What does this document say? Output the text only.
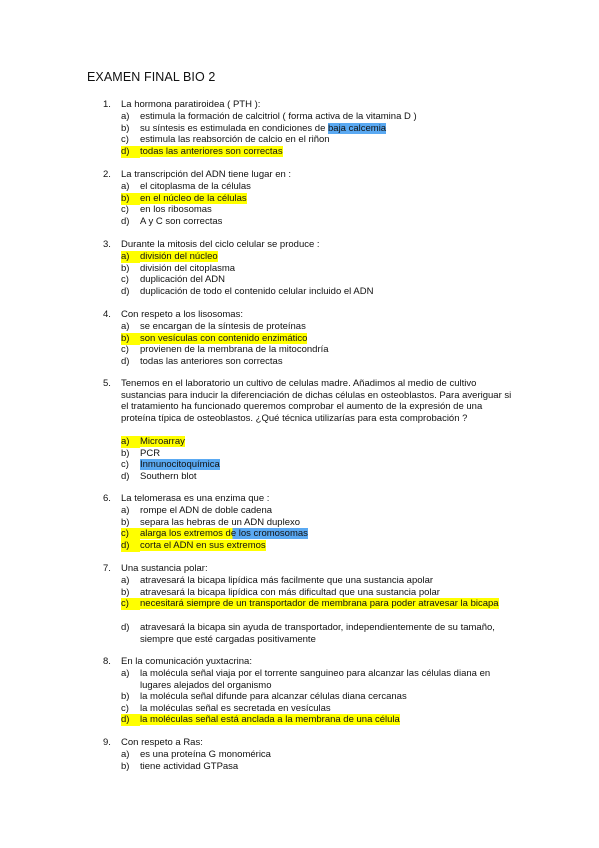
EXAMEN FINAL BIO 2
1. La hormona paratiroidea ( PTH ):
a)	estimula la formación de calcitriol ( forma activa de la vitamina D )
b)	su síntesis es estimulada en condiciones de baja calcemia
c)	estimula las reabsorción de calcio en el riñon
d)	todas las anteriores son correctas
2. La transcripción del ADN tiene lugar en :
a)	el citoplasma de la células
b)	en el núcleo de la células
c)	en los ribosomas
d)	A y C son correctas
3. Durante la mitosis del ciclo celular se produce :
a)	división del núcleo
b)	división del citoplasma
c)	duplicación del ADN
d)	duplicación de todo el contenido celular incluido el ADN
4. Con respeto a los lisosomas:
a)	se encargan de la síntesis de proteínas
b)	son vesículas con contenido enzimático
c)	provienen de la membrana de la mitocondría
d)	todas las anteriores son correctas
5. Tenemos en el laboratorio un cultivo de celulas madre. Añadimos al medio de cultivo sustancias para inducir la diferenciación de dichas células en osteoblastos. Para averiguar si el tratamiento ha funcionado queremos comprobar el aumento de la expresión de una proteína típica de osteoblastos. ¿Qué técnica utilizarías para esta comprobación ?
a)	Microarray
b)	PCR
c)	Inmunocitoquímica
d)	Southern blot
6. La telomerasa es una enzima que :
a)	rompe el ADN de doble cadena
b)	separa las hebras de un ADN duplexo
c)	alarga los extremos de los cromosomas
d)	corta el ADN en sus extremos
7. Una sustancia polar:
a)	atravesará la bicapa lipídica más facilmente que una sustancia apolar
b)	atravesará la bicapa lipídica con más dificultad que una sustancia polar
c)	necesitará siempre de un transportador de membrana para poder atravesar la bicapa
d)	atravesará la bicapa sin ayuda de transportador, independientemente de su tamaño, siempre que esté cargadas positivamente
8. En la comunicación yuxtacrina:
a)	la molécula señal viaja por el torrente sanguineo para alcanzar las células diana en lugares alejados del organismo
b)	la molécula señal difunde para alcanzar células diana cercanas
c)	la moléculas señal es secretada en vesículas
d)	la moléculas señal está anclada a la membrana de una célula
9. Con respeto a Ras:
a)	es una proteína G monomérica
b)	tiene actividad GTPasa
